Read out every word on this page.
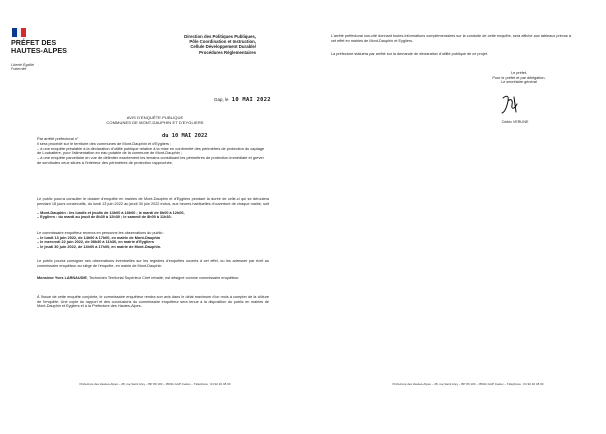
PRÉFET DES HAUTES-ALPES
Liberté Égalité Fraternité
Direction des Politiques Publiques,
Pôle Coordination et Instruction,
Cellule Développement Durable/
Procédures Réglementaires
Gap, le 10 MAI 2022
AVIS D'ENQUÊTE PUBLIQUE
COMMUNES DE MONT-DAUPHIN ET D'EYGLIERS
Par arrêté préfectoral n°	du 10 MAI 2022
il sera procédé sur le territoire des communes de Mont-Dauphin et d'Eygliers :
– à une enquête préalable à la déclaration d'utilité publique relative à la mise en conformité des périmètres de protection du captage de Loubatière, pour l'alimentation en eau potable de la commune de Mont-Dauphin ;
– à une enquête parcellaire en vue de délimiter exactement les terrains constituant les périmètres de protection immédiate et grever de servitudes ceux situés à l'intérieur des périmètres de protection rapprochée.

Le public pourra consulter le dossier d'enquête en mairies de Mont-Dauphin et d'Eygliers pendant la durée de celle-ci qui se déroulera pendant 18 jours consécutifs, du lundi 13 juin 2022 au jeudi 30 juin 2022 inclus, aux heures habituelles d'ouverture de chaque mairie, soit :

– Mont-Dauphin : les lundis et jeudis de 14h00 à 18h00 ; le mardi de 8h00 à 12h00,

– Eygliers : du mardi au jeudi de 8h30 à 12h30 ; le samedi de 8h00 à 11h30.

Le commissaire enquêteur recevra en personne les observations du public :

– le lundi 13 juin 2022, de 14h00 à 17h00, en mairie de Mont-Dauphin

– le mercredi 22 juin 2022, de 08h30 à 11h30, en mairie d'Eygliers

– le jeudi 30 juin 2022, de 14h00 à 17h00, en mairie de Mont-Dauphin.

Le public pourra consigner ses observations éventuelles sur les registres d'enquêtes ouverts à cet effet, ou les adresser par écrit au commissaire enquêteur au siège de l'enquête, en mairie de Mont-Dauphin.

Monsieur Yves LARNAUDIE, Technicien Territorial Supérieur Chef retraité, est désigné comme commissaire enquêteur.

À l'issue de cette enquête conjointe, le commissaire enquêteur rendra son avis dans le délai maximum d'un mois à compter de la clôture de l'enquête. Une copie du rapport et des conclusions du commissaire enquêteur sera tenue à la disposition du public en mairies de Mont-Dauphin et Eygliers et à la Préfecture des Hautes-Alpes.

Préfecture des Hautes-Alpes – 28, rue Saint Arey – BP 80 100 – 05011 GAP Cedex – Téléphone : 04 92 40 48 00

L'arrêté préfectoral sus-cité donnant toutes informations complémentaires sur la conduite de cette enquête, sera affiché aux tableaux prévus à cet effet en mairies de Mont-Dauphin et Eygliers.

La préfecture statuera par arrêté sur la demande de déclaration d'utilité publique de ce projet.

Le préfet,
Pour le préfet et par délégation,
Le secrétaire général
Cédric VERLINE
Préfecture des Hautes-Alpes – 28, rue Saint Arey – BP 80 100 – 05011 GAP Cedex – Téléphone : 04 92 40 48 00
